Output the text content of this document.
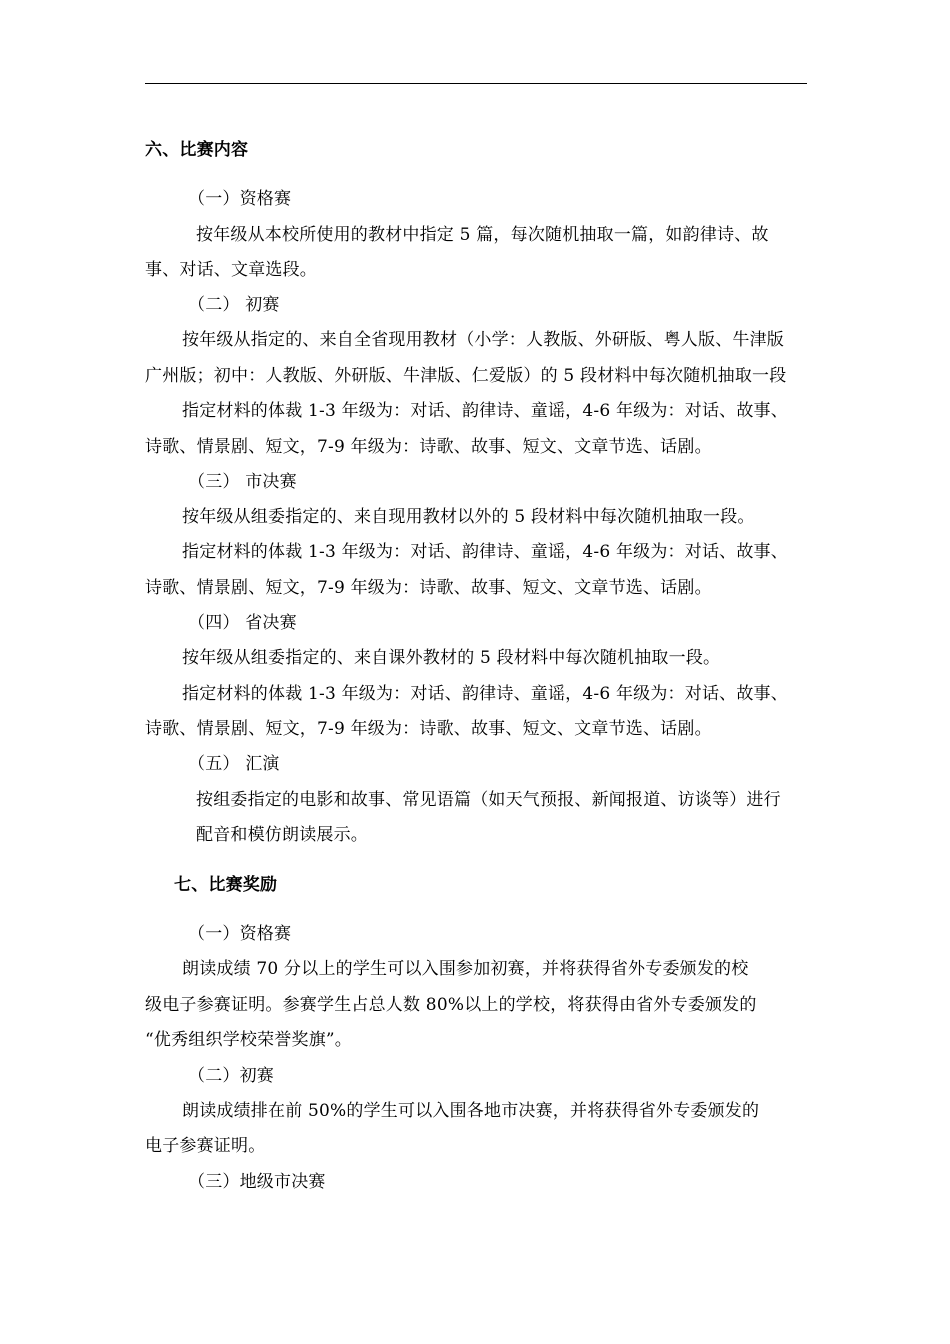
六、比赛内容
（一）资格赛
按年级从本校所使用的教材中指定 5 篇，每次随机抽取一篇，如韵律诗、故
事、对话、文章选段。
（二） 初赛
按年级从指定的、来自全省现用教材（小学：人教版、外研版、粤人版、牛津版
广州版；初中：人教版、外研版、牛津版、仁爱版）的 5 段材料中每次随机抽取一段
指定材料的体裁 1-3 年级为：对话、韵律诗、童谣，4-6 年级为：对话、故事、
诗歌、情景剧、短文，7-9 年级为：诗歌、故事、短文、文章节选、话剧。
（三） 市决赛
按年级从组委指定的、来自现用教材以外的 5 段材料中每次随机抽取一段。
指定材料的体裁 1-3 年级为：对话、韵律诗、童谣，4-6 年级为：对话、故事、
诗歌、情景剧、短文，7-9 年级为：诗歌、故事、短文、文章节选、话剧。
（四） 省决赛
按年级从组委指定的、来自课外教材的 5 段材料中每次随机抽取一段。
指定材料的体裁 1-3 年级为：对话、韵律诗、童谣，4-6 年级为：对话、故事、
诗歌、情景剧、短文，7-9 年级为：诗歌、故事、短文、文章节选、话剧。
（五） 汇演
按组委指定的电影和故事、常见语篇（如天气预报、新闻报道、访谈等）进行
配音和模仿朗读展示。
七、比赛奖励
（一）资格赛
朗读成绩 70 分以上的学生可以入围参加初赛，并将获得省外专委颁发的校
级电子参赛证明。参赛学生占总人数 80%以上的学校，将获得由省外专委颁发的
“优秀组织学校荣誉奖旗”。
（二）初赛
朗读成绩排在前 50%的学生可以入围各地市决赛，并将获得省外专委颁发的
电子参赛证明。
（三）地级市决赛
